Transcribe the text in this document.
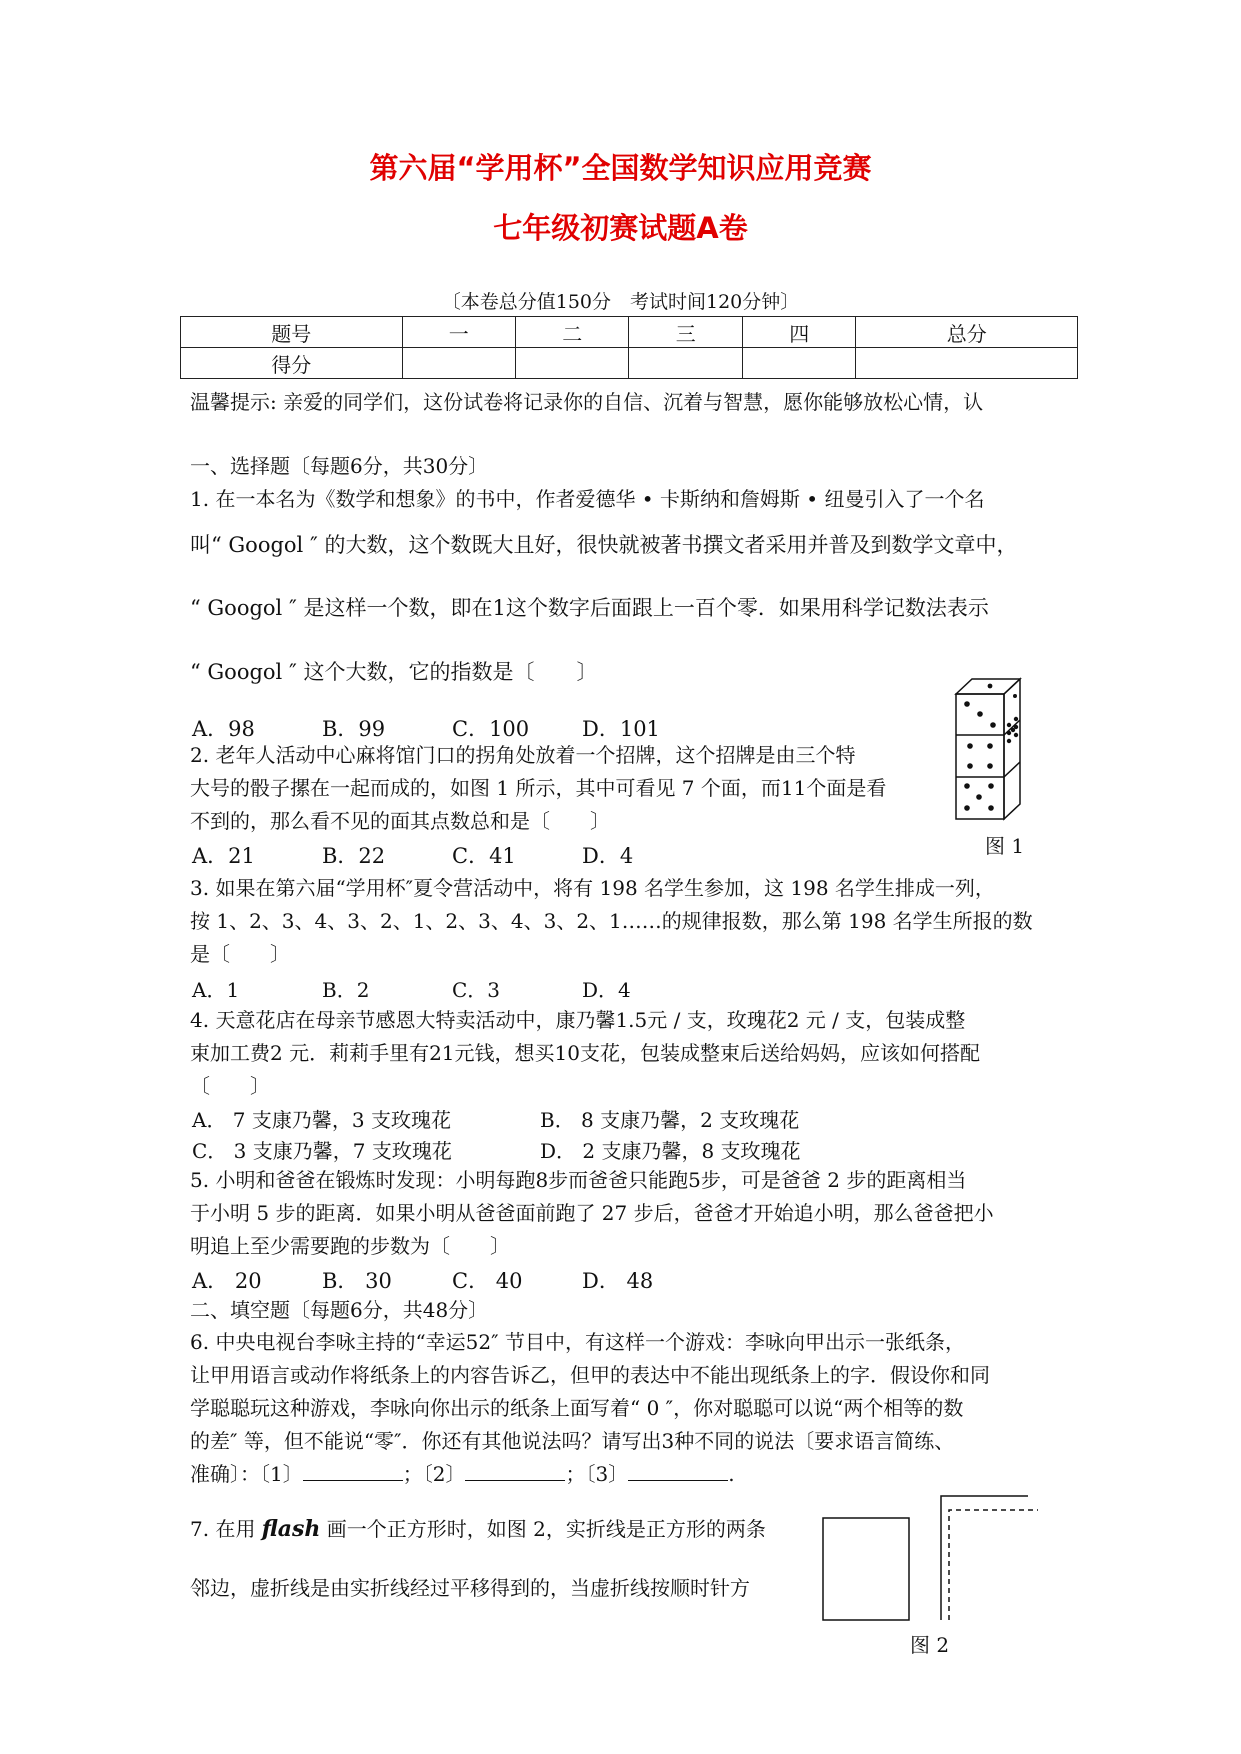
第六届“学用杯”全国数学知识应用竞赛
七年级初赛试题A卷
〔本卷总分值150分　考试时间120分钟〕
题号	一	二	三	四	总分
得分					
温馨提示: 亲爱的同学们，这份试卷将记录你的自信、沉着与智慧，愿你能够放松心情，认
一、选择题〔每题6分，共30分〕
1. 在一本名为《数学和想象》的书中，作者爱德华 • 卡斯纳和詹姆斯 • 纽曼引入了一个名
叫“ Googol ″ 的大数，这个数既大且好，很快就被著书撰文者采用并普及到数学文章中，
“ Googol ″ 是这样一个数，即在1这个数字后面跟上一百个零．如果用科学记数法表示
“ Googol ″ 这个大数，它的指数是〔　　〕
A．98	B．99	C．100	D．101
2. 老年人活动中心麻将馆门口的拐角处放着一个招牌，这个招牌是由三个特
大号的骰子摞在一起而成的，如图 1 所示，其中可看见 7 个面，而11个面是看
不到的，那么看不见的面其点数总和是〔　　〕
A．21	B．22	C．41	D．4	图 1
3. 如果在第六届“学用杯″夏令营活动中，将有 198 名学生参加，这 198 名学生排成一列，
按 1、2、3、4、3、2、1、2、3、4、3、2、1……的规律报数，那么第 198 名学生所报的数
是〔　　〕
A．1	B．2	C．3	D．4
4. 天意花店在母亲节感恩大特卖活动中，康乃馨1.5元 / 支，玫瑰花2 元 / 支，包装成整
束加工费2 元．莉莉手里有21元钱，想买10支花，包装成整束后送给妈妈，应该如何搭配
〔　　〕
A． 7 支康乃馨，3 支玫瑰花	B． 8 支康乃馨，2 支玫瑰花
C． 3 支康乃馨，7 支玫瑰花	D． 2 支康乃馨，8 支玫瑰花
5. 小明和爸爸在锻炼时发现：小明每跑8步而爸爸只能跑5步，可是爸爸 2 步的距离相当
于小明 5 步的距离．如果小明从爸爸面前跑了 27 步后，爸爸才开始追小明，那么爸爸把小
明追上至少需要跑的步数为〔　　〕
A． 20	B． 30	C． 40	D． 48
二、填空题〔每题6分，共48分〕
6. 中央电视台李咏主持的“幸运52″ 节目中，有这样一个游戏：李咏向甲出示一张纸条，
让甲用语言或动作将纸条上的内容告诉乙，但甲的表达中不能出现纸条上的字．假设你和同
学聪聪玩这种游戏，李咏向你出示的纸条上面写着“ 0 ″，你对聪聪可以说“两个相等的数
的差″ 等，但不能说“零″．你还有其他说法吗？请写出3种不同的说法〔要求语言简练、
准确〕：〔1〕	；〔2〕	；〔3〕	.
7. 在用 flash 画一个正方形时，如图 2，实折线是正方形的两条
邻边，虚折线是由实折线经过平移得到的，当虚折线按顺时针方
图 2
